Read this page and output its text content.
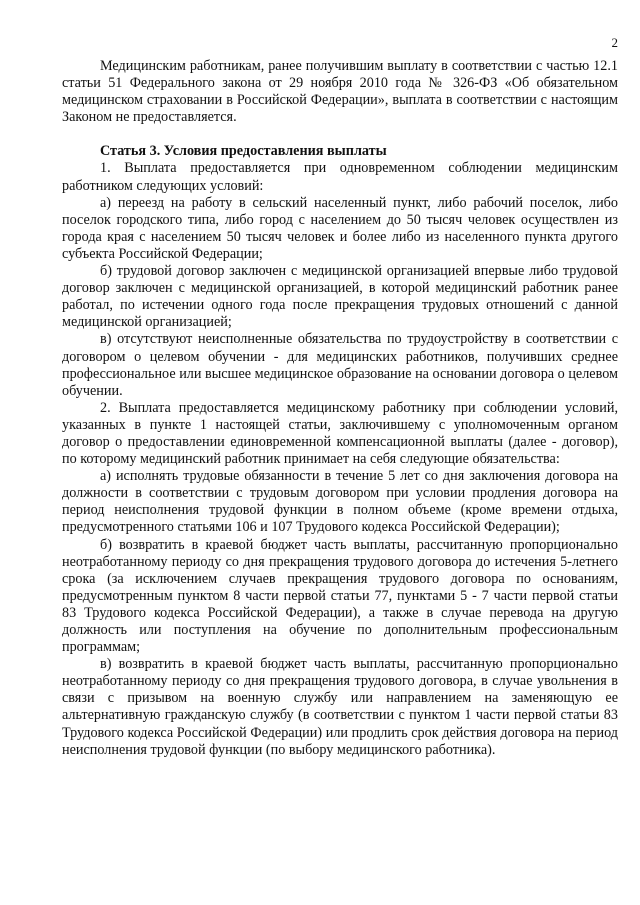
2

Медицинским работникам, ранее получившим выплату в соответствии с частью 12.1 статьи 51 Федерального закона от 29 ноября 2010 года № 326-ФЗ «Об обязательном медицинском страховании в Российской Федерации», выплата в соответствии с настоящим Законом не предоставляется.

Статья 3. Условия предоставления выплаты

1. Выплата предоставляется при одновременном соблюдении медицинским работником следующих условий:

а) переезд на работу в сельский населенный пункт, либо рабочий поселок, либо поселок городского типа, либо город с населением до 50 тысяч человек осуществлен из города края с населением 50 тысяч человек и более либо из населенного пункта другого субъекта Российской Федерации;

б) трудовой договор заключен с медицинской организацией впервые либо трудовой договор заключен с медицинской организацией, в которой медицинский работник ранее работал, по истечении одного года после прекращения трудовых отношений с данной медицинской организацией;

в) отсутствуют неисполненные обязательства по трудоустройству в соответствии с договором о целевом обучении - для медицинских работников, получивших среднее профессиональное или высшее медицинское образование на основании договора о целевом обучении.

2. Выплата предоставляется медицинскому работнику при соблюдении условий, указанных в пункте 1 настоящей статьи, заключившему с уполномоченным органом договор о предоставлении единовременной компенсационной выплаты (далее - договор), по которому медицинский работник принимает на себя следующие обязательства:

а) исполнять трудовые обязанности в течение 5 лет со дня заключения договора на должности в соответствии с трудовым договором при условии продления договора на период неисполнения трудовой функции в полном объеме (кроме времени отдыха, предусмотренного статьями 106 и 107 Трудового кодекса Российской Федерации);

б) возвратить в краевой бюджет часть выплаты, рассчитанную пропорционально неотработанному периоду со дня прекращения трудового договора до истечения 5-летнего срока (за исключением случаев прекращения трудового договора по основаниям, предусмотренным пунктом 8 части первой статьи 77, пунктами 5 - 7 части первой статьи 83 Трудового кодекса Российской Федерации), а также в случае перевода на другую должность или поступления на обучение по дополнительным профессиональным программам;

в) возвратить в краевой бюджет часть выплаты, рассчитанную пропорционально неотработанному периоду со дня прекращения трудового договора, в случае увольнения в связи с призывом на военную службу или направлением на заменяющую ее альтернативную гражданскую службу (в соответствии с пунктом 1 части первой статьи 83 Трудового кодекса Российской Федерации) или продлить срок действия договора на период неисполнения трудовой функции (по выбору медицинского работника).
